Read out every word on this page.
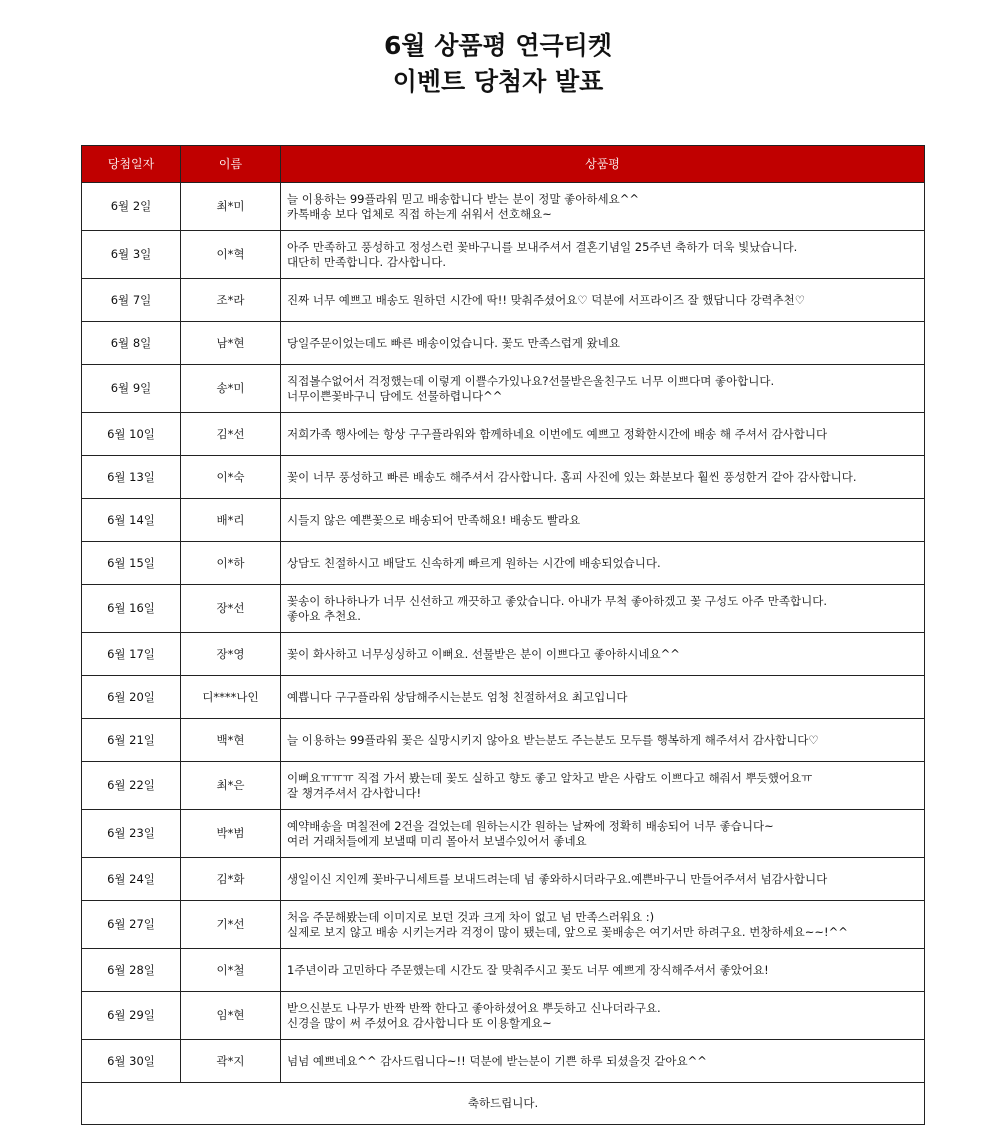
6월 상품평 연극티켓
이벤트 당첨자 발표
당첨일자	이름	상품평
6월 2일	최*미	늘 이용하는 99플라워 믿고 배송합니다 받는 분이 정말 좋아하세요^^
카톡배송 보다 업체로 직접 하는게 쉬워서 선호해요~
6월 3일	이*혁	아주 만족하고 풍성하고 정성스런 꽃바구니를 보내주셔서 결혼기념일 25주년 축하가 더욱 빛났습니다.
대단히 만족합니다. 감사합니다.
6월 7일	조*라	진짜 너무 예쁘고 배송도 원하던 시간에 딱!! 맞춰주셨어요♡ 덕분에 서프라이즈 잘 했답니다 강력추천♡
6월 8일	남*현	당일주문이었는데도 빠른 배송이었습니다. 꽃도 만족스럽게 왔네요
6월 9일	송*미	직접볼수없어서 걱정했는데 이렇게 이쁠수가있나요?선물받은울친구도 너무 이쁘다며 좋아합니다.
너무이쁜꽃바구니 담에도 선물하렵니다^^
6월 10일	김*선	저희가족 행사에는 항상 구구플라워와 함께하네요 이번에도 예쁘고 정확한시간에 배송 해 주셔서 감사합니다
6월 13일	이*숙	꽃이 너무 풍성하고 빠른 배송도 해주셔서 감사합니다. 홈피 사진에 있는 화분보다 훨씬 풍성한거 같아 감사합니다.
6월 14일	배*리	시들지 않은 예쁜꽃으로 배송되어 만족해요! 배송도 빨라요
6월 15일	이*하	상담도 친절하시고 배달도 신속하게 빠르게 원하는 시간에 배송되었습니다.
6월 16일	장*선	꽃송이 하나하나가 너무 신선하고 깨끗하고 좋았습니다. 아내가 무척 좋아하겠고 꽃 구성도 아주 만족합니다.
좋아요 추천요.
6월 17일	장*영	꽃이 화사하고 너무싱싱하고 이뻐요. 선물받은 분이 이쁘다고 좋아하시네요^^
6월 20일	디****나인	예쁩니다 구구플라워 상담해주시는분도 엄청 친절하셔요 최고입니다
6월 21일	백*현	늘 이용하는 99플라워 꽃은 실망시키지 않아요 받는분도 주는분도 모두를 행복하게 해주셔서 감사합니다♡
6월 22일	최*은	이뻐요ㅠㅠㅠ 직접 가서 봤는데 꽃도 실하고 향도 좋고 알차고 받은 사람도 이쁘다고 해줘서 뿌듯했어요ㅠ
잘 챙겨주셔서 감사합니다!
6월 23일	박*범	예약배송을 며칠전에 2건을 걸었는데 원하는시간 원하는 날짜에 정확히 배송되어 너무 좋습니다~
여러 거래처들에게 보낼때 미리 몰아서 보낼수있어서 좋네요
6월 24일	김*화	생일이신 지인께 꽃바구니세트를 보내드려는데 넘 좋와하시더라구요.예쁜바구니 만들어주셔서 넘감사합니다
6월 27일	기*선	처음 주문해봤는데 이미지로 보던 것과 크게 차이 없고 넘 만족스러워요 :)
실제로 보지 않고 배송 시키는거라 걱정이 많이 됐는데, 앞으로 꽃배송은 여기서만 하려구요. 번창하세요~~!^^
6월 28일	이*철	1주년이라 고민하다 주문했는데 시간도 잘 맞춰주시고 꽃도 너무 예쁘게 장식해주셔서 좋았어요!
6월 29일	임*현	받으신분도 나무가 반짝 반짝 한다고 좋아하셨어요 뿌듯하고 신나더라구요.
신경을 많이 써 주셨어요 감사합니다 또 이용할게요~
6월 30일	곽*지	넘넘 예쁘네요^^ 감사드립니다~!! 덕분에 받는분이 기쁜 하루 되셨을것 같아요^^
축하드립니다.		
